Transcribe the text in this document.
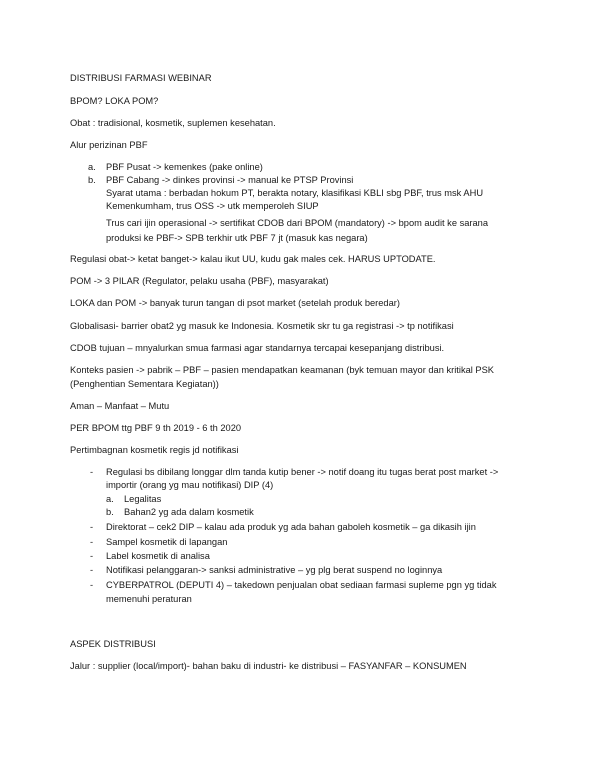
DISTRIBUSI FARMASI WEBINAR
BPOM? LOKA POM?
Obat : tradisional, kosmetik, suplemen kesehatan.
Alur perizinan PBF
a. PBF Pusat -> kemenkes (pake online)
b. PBF Cabang -> dinkes provinsi -> manual ke PTSP Provinsi
Syarat utama : berbadan hokum PT, berakta notary, klasifikasi KBLI sbg PBF, trus msk AHU
Kemenkumham, trus OSS -> utk memperoleh SIUP
Trus cari ijin operasional -> sertifikat CDOB dari BPOM (mandatory) -> bpom audit ke sarana
produksi ke PBF-> SPB terkhir utk PBF 7 jt (masuk kas negara)
Regulasi obat-> ketat banget-> kalau ikut UU, kudu gak males cek. HARUS UPTODATE.
POM -> 3 PILAR (Regulator, pelaku usaha (PBF), masyarakat)
LOKA dan POM -> banyak turun tangan di psot market (setelah produk beredar)
Globalisasi- barrier obat2 yg masuk ke Indonesia. Kosmetik skr tu ga registrasi -> tp notifikasi
CDOB tujuan – mnyalurkan smua farmasi agar standarnya tercapai kesepanjang distribusi.
Konteks pasien -> pabrik – PBF – pasien mendapatkan keamanan (byk temuan mayor dan kritikal PSK
(Penghentian Sementara Kegiatan))
Aman – Manfaat – Mutu
PER BPOM ttg PBF 9 th 2019 - 6 th 2020
Pertimbagnan kosmetik regis jd notifikasi
- Regulasi bs dibilang longgar dlm tanda kutip bener -> notif doang itu tugas berat post market ->
importir (orang yg mau notifikasi) DIP (4)
a. Legalitas
b. Bahan2 yg ada dalam kosmetik
- Direktorat – cek2 DIP – kalau ada produk yg ada bahan gaboleh kosmetik – ga dikasih ijin
- Sampel kosmetik di lapangan
- Label kosmetik di analisa
- Notifikasi pelanggaran-> sanksi administrative – yg plg berat suspend no loginnya
- CYBERPATROL (DEPUTI 4) – takedown penjualan obat sediaan farmasi supleme pgn yg tidak
memenuhi peraturan
ASPEK DISTRIBUSI
Jalur : supplier (local/import)- bahan baku di industri- ke distribusi – FASYANFAR – KONSUMEN
